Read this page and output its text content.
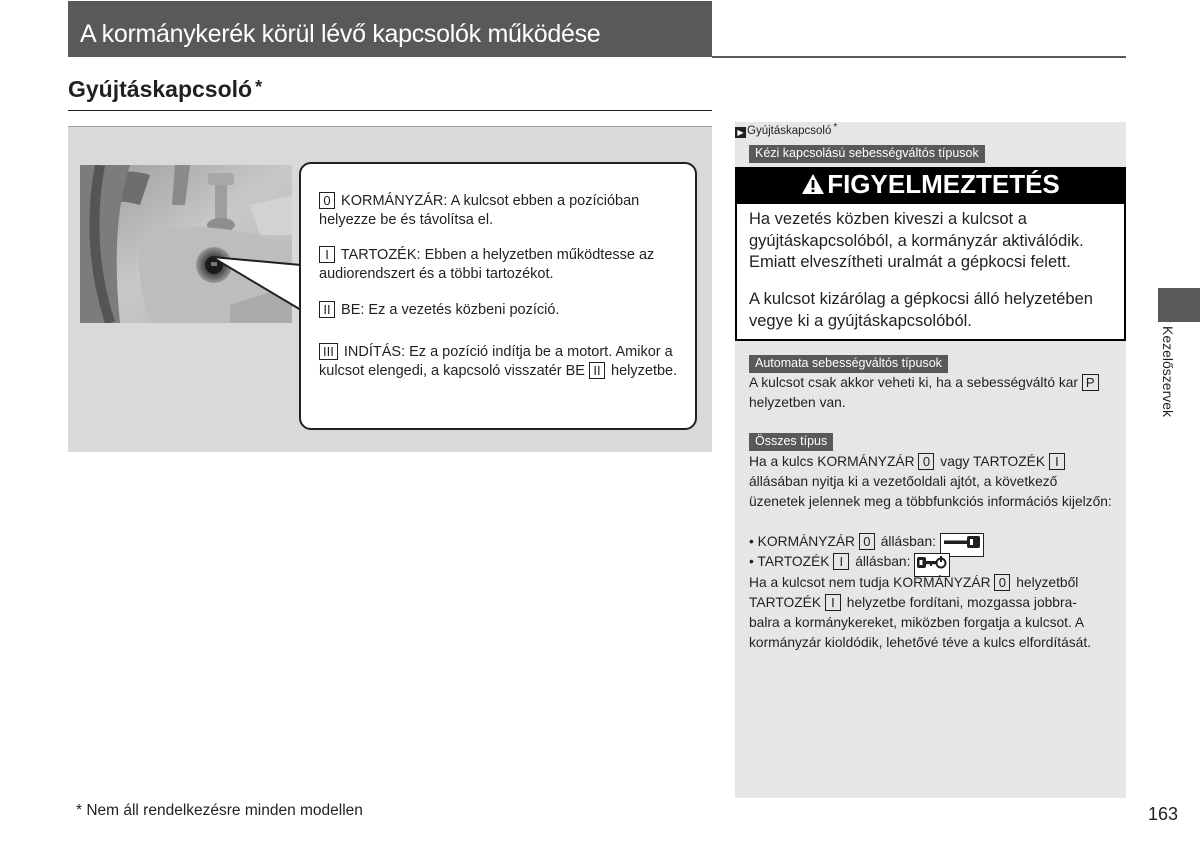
A kormánykerék körül lévő kapcsolók működése
Gyújtáskapcsoló *
0 KORMÁNYZÁR: A kulcsot ebben a pozícióban helyezze be és távolítsa el.
I TARTOZÉK: Ebben a helyzetben működtesse az audiorendszert és a többi tartozékot.
II BE: Ez a vezetés közbeni pozíció.
III INDÍTÁS: Ez a pozíció indítja be a motort. Amikor a kulcsot elengedi, a kapcsoló visszatér BE II helyzetbe.
▶ Gyújtáskapcsoló *
Kézi kapcsolású sebességváltós típusok
FIGYELMEZTETÉS
Ha vezetés közben kiveszi a kulcsot a gyújtáskapcsolóból, a kormányzár aktiválódik. Emiatt elveszítheti uralmát a gépkocsi felett.
A kulcsot kizárólag a gépkocsi álló helyzetében vegye ki a gyújtáskapcsolóból.
Automata sebességváltós típusok
A kulcsot csak akkor veheti ki, ha a sebességváltó kar P
helyzetben van.
Összes típus
Ha a kulcs KORMÁNYZÁR 0 vagy TARTOZÉK I
állásában nyitja ki a vezetőoldali ajtót, a következő üzenetek jelennek meg a többfunkciós információs kijelzőn:
• KORMÁNYZÁR 0 állásban:
• TARTOZÉK I állásban:
Ha a kulcsot nem tudja KORMÁNYZÁR 0 helyzetből
TARTOZÉK I helyzetbe fordítani, mozgassa jobbra-
balra a kormánykereket, miközben forgatja a kulcsot. A kormányzár kioldódik, lehetővé téve a kulcs elfordítását.
Kezelőszervek
* Nem áll rendelkezésre minden modellen	163
